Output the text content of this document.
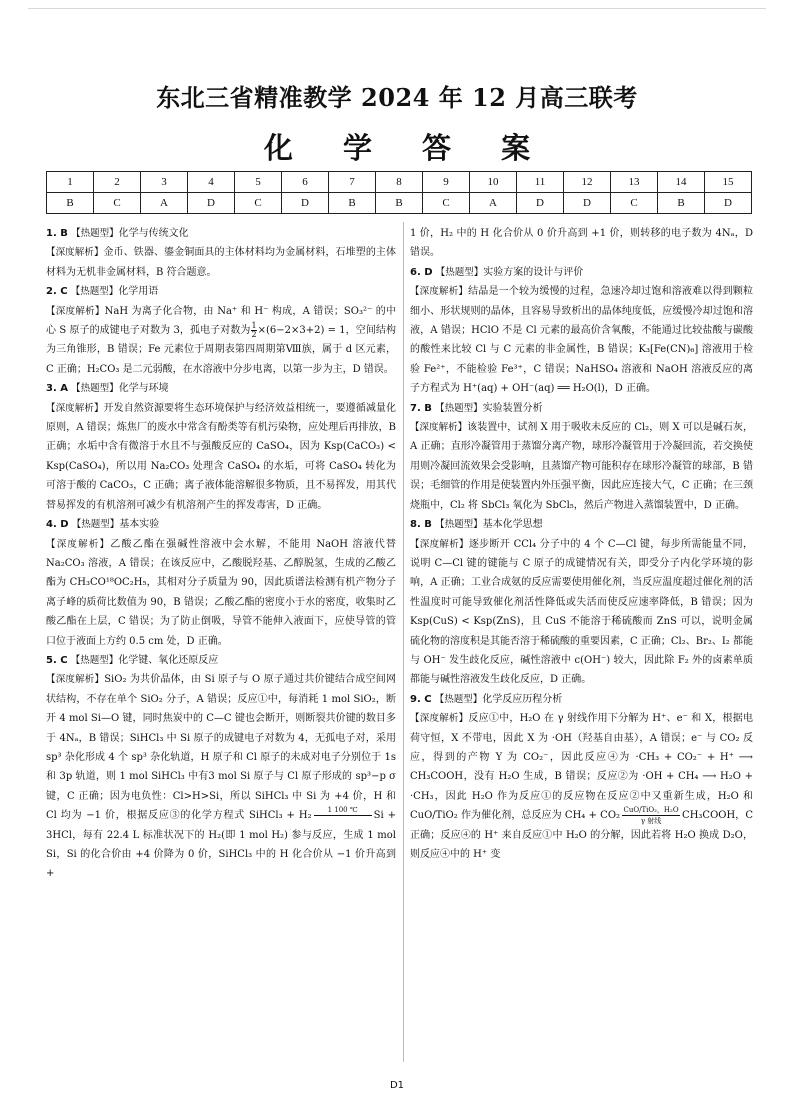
东北三省精准教学 2024 年 12 月高三联考
化 学 答 案
1	2	3	4	5	6	7	8	9	10	11	12	13	14	15
B	C	A	D	C	D	B	B	C	A	D	D	C	B	D

1. B 【热题型】化学与传统文化
【深度解析】金币、铁器、鎏金铜面具的主体材料均为金属材料，石堆塑的主体材料为无机非金属材料，B 符合题意。

2. C 【热题型】化学用语
【深度解析】NaH 为离子化合物，由 Na⁺ 和 H⁻ 构成，A 错误；SO₃²⁻ 的中心 S 原子的成键电子对数为 3，孤电子对数为 $\frac{1}{2} \times(6-2\times 3+2) = 1$，空间结构为三角锥形，B 错误；Fe 元素位于周期表第四周期第Ⅷ族，属于 d 区元素，C 正确；H₂CO₃ 是二元弱酸，在水溶液中分步电离，以第一步为主，D 错误。

3. A 【热题型】化学与环境
【深度解析】开发自然资源要将生态环境保护与经济效益相统一，要遵循减量化原则，A 错误；炼焦厂的废水中常含有酚类等有机污染物，应处理后再排放，B 正确；水垢中含有微溶于水且不与强酸反应的 CaSO₄，因为 Ksp(CaCO₃) < Ksp(CaSO₄)，所以用 Na₂CO₃ 处理含 CaSO₄ 的水垢，可将 CaSO₄ 转化为可溶于酸的 CaCO₃，C 正确；离子液体能溶解很多物质，且不易挥发，用其代替易挥发的有机溶剂可减少有机溶剂产生的挥发毒害，D 正确。

4. D 【热题型】基本实验
【深度解析】乙酸乙酯在强碱性溶液中会水解，不能用 NaOH 溶液代替 Na₂CO₃ 溶液，A 错误；在该反应中，乙酸脱羟基、乙醇脱氢，生成的乙酸乙酯为 CH₃CO¹⁸OC₂H₅，其相对分子质量为 90，因此质谱法检测有机产物分子离子峰的质荷比数值为 90，B 错误；乙酸乙酯的密度小于水的密度，收集时乙酸乙酯在上层，C 错误；为了防止倒吸，导管不能伸入液面下，应使导管的管口位于液面上方约 0.5 cm 处，D 正确。

5. C 【热题型】化学键、氧化还原反应
【深度解析】SiO₂ 为共价晶体，由 Si 原子与 O 原子通过共价键结合成空间网状结构，不存在单个 SiO₂ 分子，A 错误；反应①中，每消耗 1 mol SiO₂，断开 4 mol Si—O 键，同时焦炭中的 C—C 键也会断开，则断裂共价键的数目多于 4Nₐ，B 错误；SiHCl₃ 中 Si 原子的成键电子对数为 4，无孤电子对，采用 sp³ 杂化形成 4 个 sp³ 杂化轨道，H 原子和 Cl 原子的未成对电子分别位于 1s 和 3p 轨道，则 1 mol SiHCl₃ 中有3 mol Si 原子与 Cl 原子形成的 sp³−p σ 键，C 正确；因为电负性：Cl>H>Si，所以 SiHCl₃ 中 Si 为 +4 价，H 和 Cl 均为 −1 价，根据反应③的化学方程式 SiHCl₃ + H₂	1 100 ℃
	Si + 3HCl，每有 22.4 L 标准状况下的 H₂(即 1 mol H₂) 参与反应，生成 1 mol Si，Si 的化合价由 +4 价降为 0 价，SiHCl₃ 中的 H 化合价从 −1 价升高到 +

1 价，H₂ 中的 H 化合价从 0 价升高到 +1 价，则转移的电子数为 4Nₐ，D 错误。

6. D 【热题型】实验方案的设计与评价
【深度解析】结晶是一个较为缓慢的过程，急速冷却过饱和溶液难以得到颗粒细小、形状规则的晶体，且容易导致析出的晶体纯度低，应缓慢冷却过饱和溶液，A 错误；HClO 不是 Cl 元素的最高价含氧酸，不能通过比较盐酸与碳酸的酸性来比较 Cl 与 C 元素的非金属性，B 错误；K₃[Fe(CN)₆] 溶液用于检验 Fe²⁺，不能检验 Fe³⁺，C 错误；NaHSO₄ 溶液和 NaOH 溶液反应的离子方程式为 H⁺(aq) + OH⁻(aq) ══ H₂O(l)，D 正确。

7. B 【热题型】实验装置分析
【深度解析】该装置中，试剂 X 用于吸收未反应的 Cl₂，则 X 可以是碱石灰，A 正确；直形冷凝管用于蒸馏分离产物，球形冷凝管用于冷凝回流，若交换使用则冷凝回流效果会受影响，且蒸馏产物可能积存在球形冷凝管的球部，B 错误；毛细管的作用是使装置内外压强平衡，因此应连接大气，C 正确；在三颈烧瓶中，Cl₂ 将 SbCl₃ 氧化为 SbCl₅，然后产物进入蒸馏装置中，D 正确。

8. B 【热题型】基本化学思想
【深度解析】逐步断开 CCl₄ 分子中的 4 个 C—Cl 键，每步所需能量不同，说明 C—Cl 键的键能与 C 原子的成键情况有关，即受分子内化学环境的影响，A 正确；工业合成氨的反应需要使用催化剂，当反应温度超过催化剂的活性温度时可能导致催化剂活性降低或失活而使反应速率降低，B 错误；因为 Ksp(CuS) < Ksp(ZnS)，且 CuS 不能溶于稀硫酸而 ZnS 可以，说明金属硫化物的溶度积是其能否溶于稀硫酸的重要因素，C 正确；Cl₂、Br₂、I₂ 都能与 OH⁻ 发生歧化反应，碱性溶液中 c(OH⁻) 较大，因此除 F₂ 外的卤素单质都能与碱性溶液发生歧化反应，D 正确。

9. C 【热题型】化学反应历程分析
【深度解析】反应①中，H₂O 在 γ 射线作用下分解为 H⁺、e⁻ 和 X，根据电荷守恒，X 不带电，因此 X 为 ·OH（羟基自由基），A 错误；e⁻ 与 CO₂ 反应，得到的产物 Y 为 CO₂⁻，因此反应④为 ·CH₃ + CO₂⁻ + H⁺ ⟶ CH₃COOH，没有 H₂O 生成，B 错误；反应②为 ·OH + CH₄ ⟶ H₂O + ·CH₃，因此 H₂O 作为反应①的反应物在反应②中又重新生成，H₂O 和 CuO/TiO₂ 作为催化剂，总反应为 CH₄ + CO₂ CuO/TiO₂，H₂O
γ 射线	CH₃COOH，C 正确；反应④的 H⁺ 来自反应①中 H₂O 的分解，因此若将 H₂O 换成 D₂O，则反应④中的 H⁺ 变

D1
